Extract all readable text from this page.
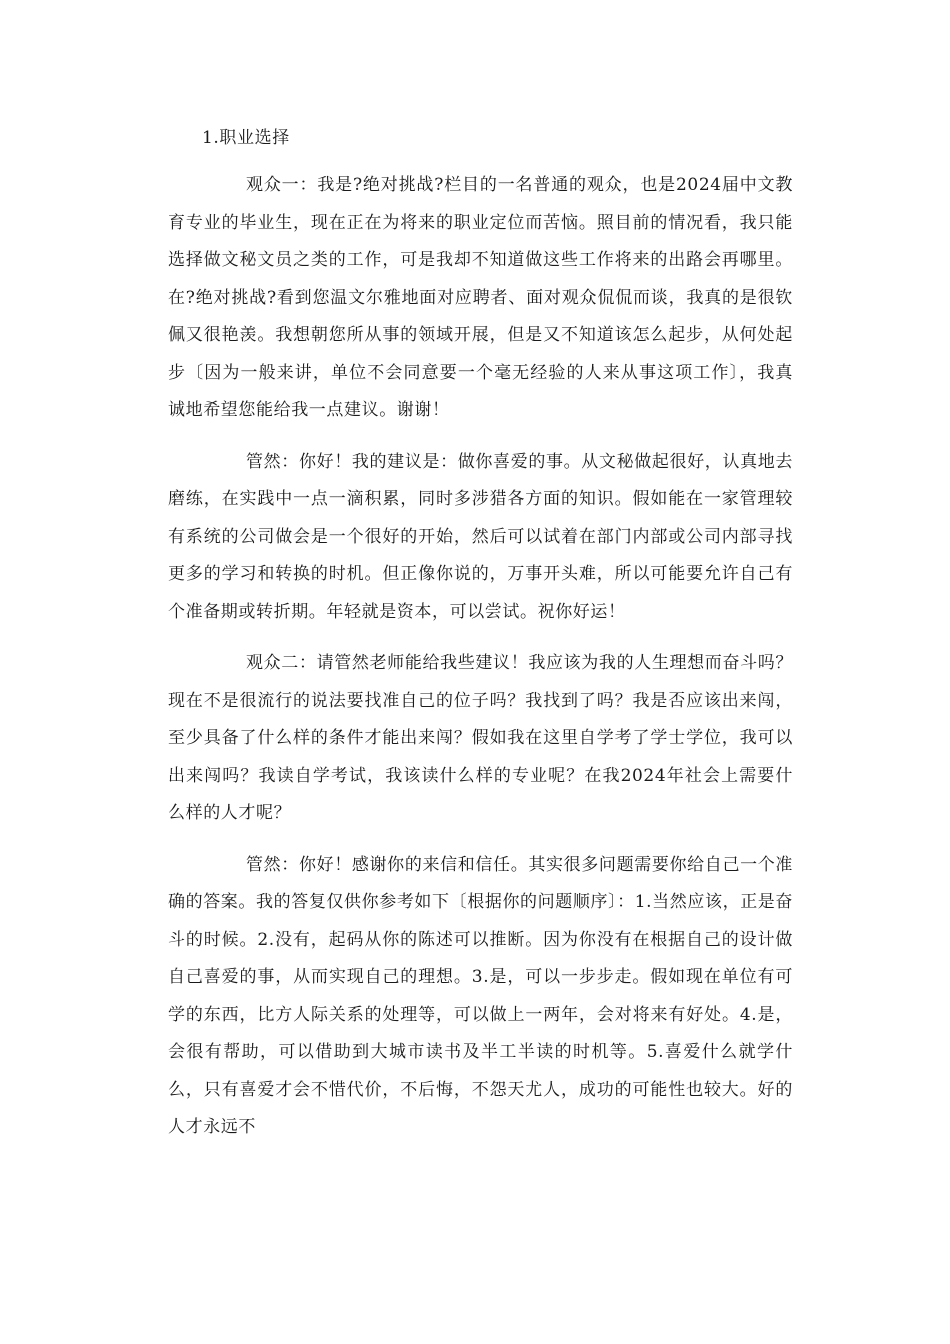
1.职业选择

观众一：我是?绝对挑战?栏目的一名普通的观众，也是2024届中文教育专业的毕业生，现在正在为将来的职业定位而苦恼。照目前的情况看，我只能选择做文秘文员之类的工作，可是我却不知道做这些工作将来的出路会再哪里。在?绝对挑战?看到您温文尔雅地面对应聘者、面对观众侃侃而谈，我真的是很钦佩又很艳羡。我想朝您所从事的领域开展，但是又不知道该怎么起步，从何处起步〔因为一般来讲，单位不会同意要一个毫无经验的人来从事这项工作〕，我真诚地希望您能给我一点建议。谢谢！

管然：你好！我的建议是：做你喜爱的事。从文秘做起很好，认真地去磨练，在实践中一点一滴积累，同时多涉猎各方面的知识。假如能在一家管理较有系统的公司做会是一个很好的开始，然后可以试着在部门内部或公司内部寻找更多的学习和转换的时机。但正像你说的，万事开头难，所以可能要允许自己有个准备期或转折期。年轻就是资本，可以尝试。祝你好运！

观众二：请管然老师能给我些建议！我应该为我的人生理想而奋斗吗？现在不是很流行的说法要找准自己的位子吗？我找到了吗？我是否应该出来闯，至少具备了什么样的条件才能出来闯？假如我在这里自学考了学士学位，我可以出来闯吗？我读自学考试，我该读什么样的专业呢？在我2024年社会上需要什么样的人才呢？

管然：你好！感谢你的来信和信任。其实很多问题需要你给自己一个准确的答案。我的答复仅供你参考如下〔根据你的问题顺序〕：1.当然应该，正是奋斗的时候。2.没有，起码从你的陈述可以推断。因为你没有在根据自己的设计做自己喜爱的事，从而实现自己的理想。3.是，可以一步步走。假如现在单位有可学的东西，比方人际关系的处理等，可以做上一两年，会对将来有好处。4.是，会很有帮助，可以借助到大城市读书及半工半读的时机等。5.喜爱什么就学什么，只有喜爱才会不惜代价，不后悔，不怨天尤人，成功的可能性也较大。好的人才永远不
